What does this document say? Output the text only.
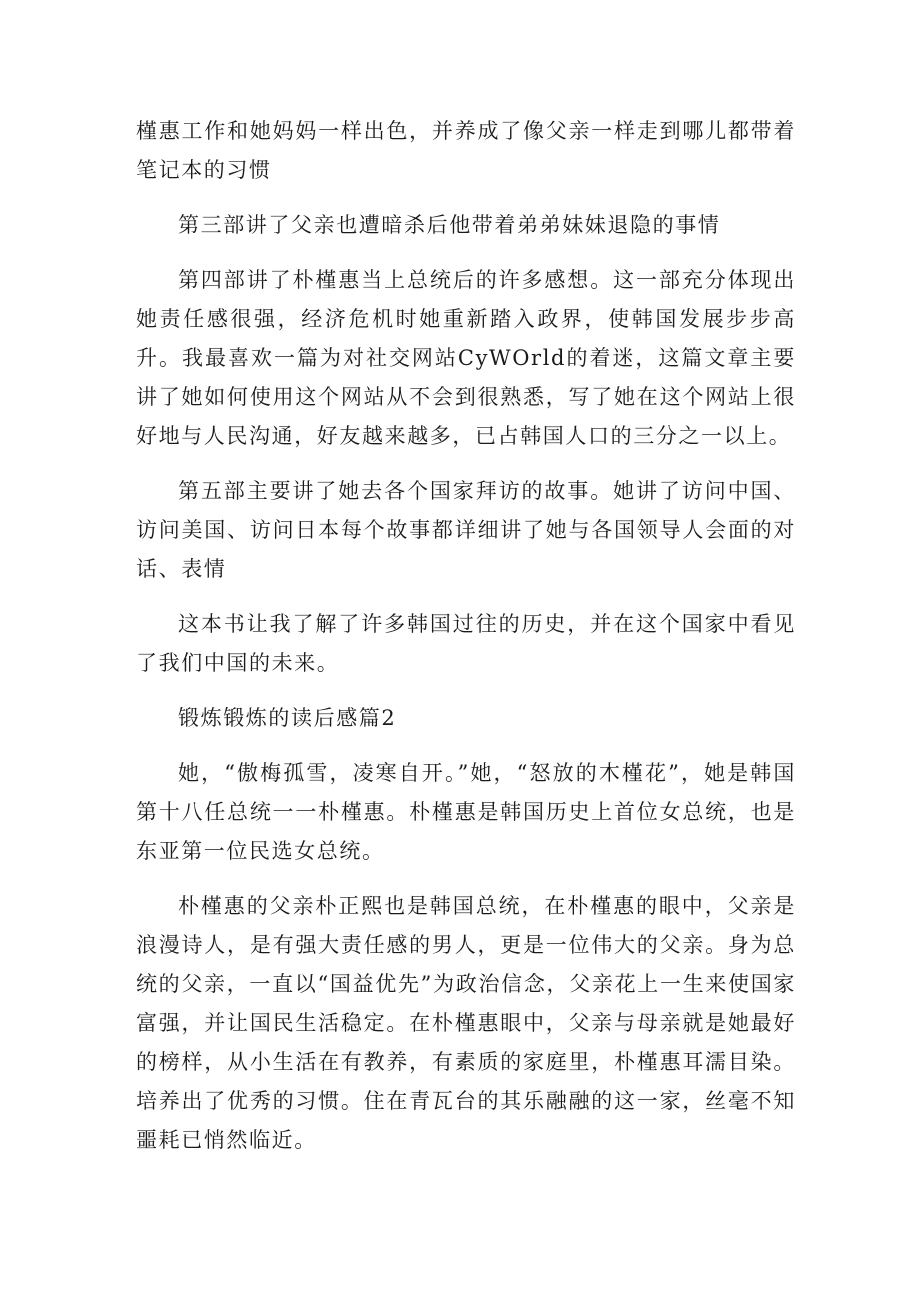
槿惠工作和她妈妈一样出色，并养成了像父亲一样走到哪儿都带着笔记本的习惯

第三部讲了父亲也遭暗杀后他带着弟弟妹妹退隐的事情

第四部讲了朴槿惠当上总统后的许多感想。这一部充分体现出她责任感很强，经济危机时她重新踏入政界，使韩国发展步步高升。我最喜欢一篇为对社交网站CyWOrld的着迷，这篇文章主要讲了她如何使用这个网站从不会到很熟悉，写了她在这个网站上很好地与人民沟通，好友越来越多，已占韩国人口的三分之一以上。

第五部主要讲了她去各个国家拜访的故事。她讲了访问中国、访问美国、访问日本每个故事都详细讲了她与各国领导人会面的对话、表情

这本书让我了解了许多韩国过往的历史，并在这个国家中看见了我们中国的未来。

锻炼锻炼的读后感篇2

她，“傲梅孤雪，凌寒自开。”她，“怒放的木槿花”，她是韩国第十八任总统一一朴槿惠。朴槿惠是韩国历史上首位女总统，也是东亚第一位民选女总统。

朴槿惠的父亲朴正熙也是韩国总统，在朴槿惠的眼中，父亲是浪漫诗人，是有强大责任感的男人，更是一位伟大的父亲。身为总统的父亲，一直以“国益优先”为政治信念，父亲花上一生来使国家富强，并让国民生活稳定。在朴槿惠眼中，父亲与母亲就是她最好的榜样，从小生活在有教养，有素质的家庭里，朴槿惠耳濡目染。培养出了优秀的习惯。住在青瓦台的其乐融融的这一家，丝毫不知噩耗已悄然临近。
